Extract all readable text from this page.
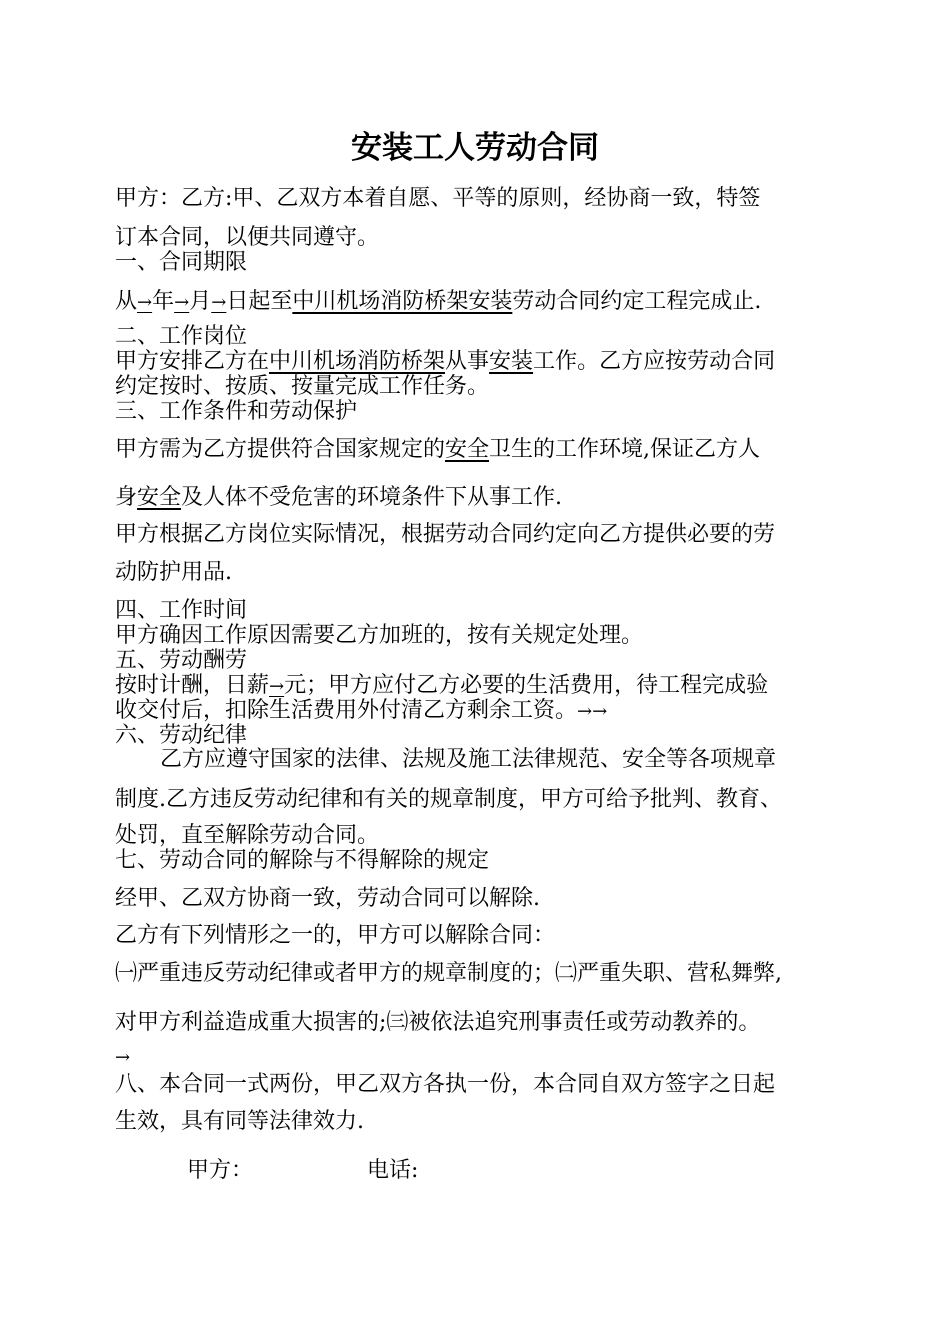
安装工人劳动合同
甲方：乙方:甲、乙双方本着自愿、平等的原则，经协商一致，特签
订本合同，以便共同遵守。
一、合同期限
从→年→月→日起至中川机场消防桥架安装劳动合同约定工程完成止.
二、工作岗位
甲方安排乙方在中川机场消防桥架从事安装工作。乙方应按劳动合同
约定按时、按质、按量完成工作任务。
三、工作条件和劳动保护
甲方需为乙方提供符合国家规定的安全卫生的工作环境,保证乙方人
身安全及人体不受危害的环境条件下从事工作.
甲方根据乙方岗位实际情况，根据劳动合同约定向乙方提供必要的劳
动防护用品.
四、工作时间
甲方确因工作原因需要乙方加班的，按有关规定处理。
五、劳动酬劳
按时计酬，日薪→元；甲方应付乙方必要的生活费用，待工程完成验
收交付后，扣除生活费用外付清乙方剩余工资。→→
六、劳动纪律
乙方应遵守国家的法律、法规及施工法律规范、安全等各项规章
制度.乙方违反劳动纪律和有关的规章制度，甲方可给予批判、教育、
处罚，直至解除劳动合同。
七、劳动合同的解除与不得解除的规定
经甲、乙双方协商一致，劳动合同可以解除.
乙方有下列情形之一的，甲方可以解除合同：
㈠严重违反劳动纪律或者甲方的规章制度的；㈡严重失职、营私舞弊,
对甲方利益造成重大损害的;㈢被依法追究刑事责任或劳动教养的。
→
八、本合同一式两份，甲乙双方各执一份，本合同自双方签字之日起
生效，具有同等法律效力.
甲方：	电话:
